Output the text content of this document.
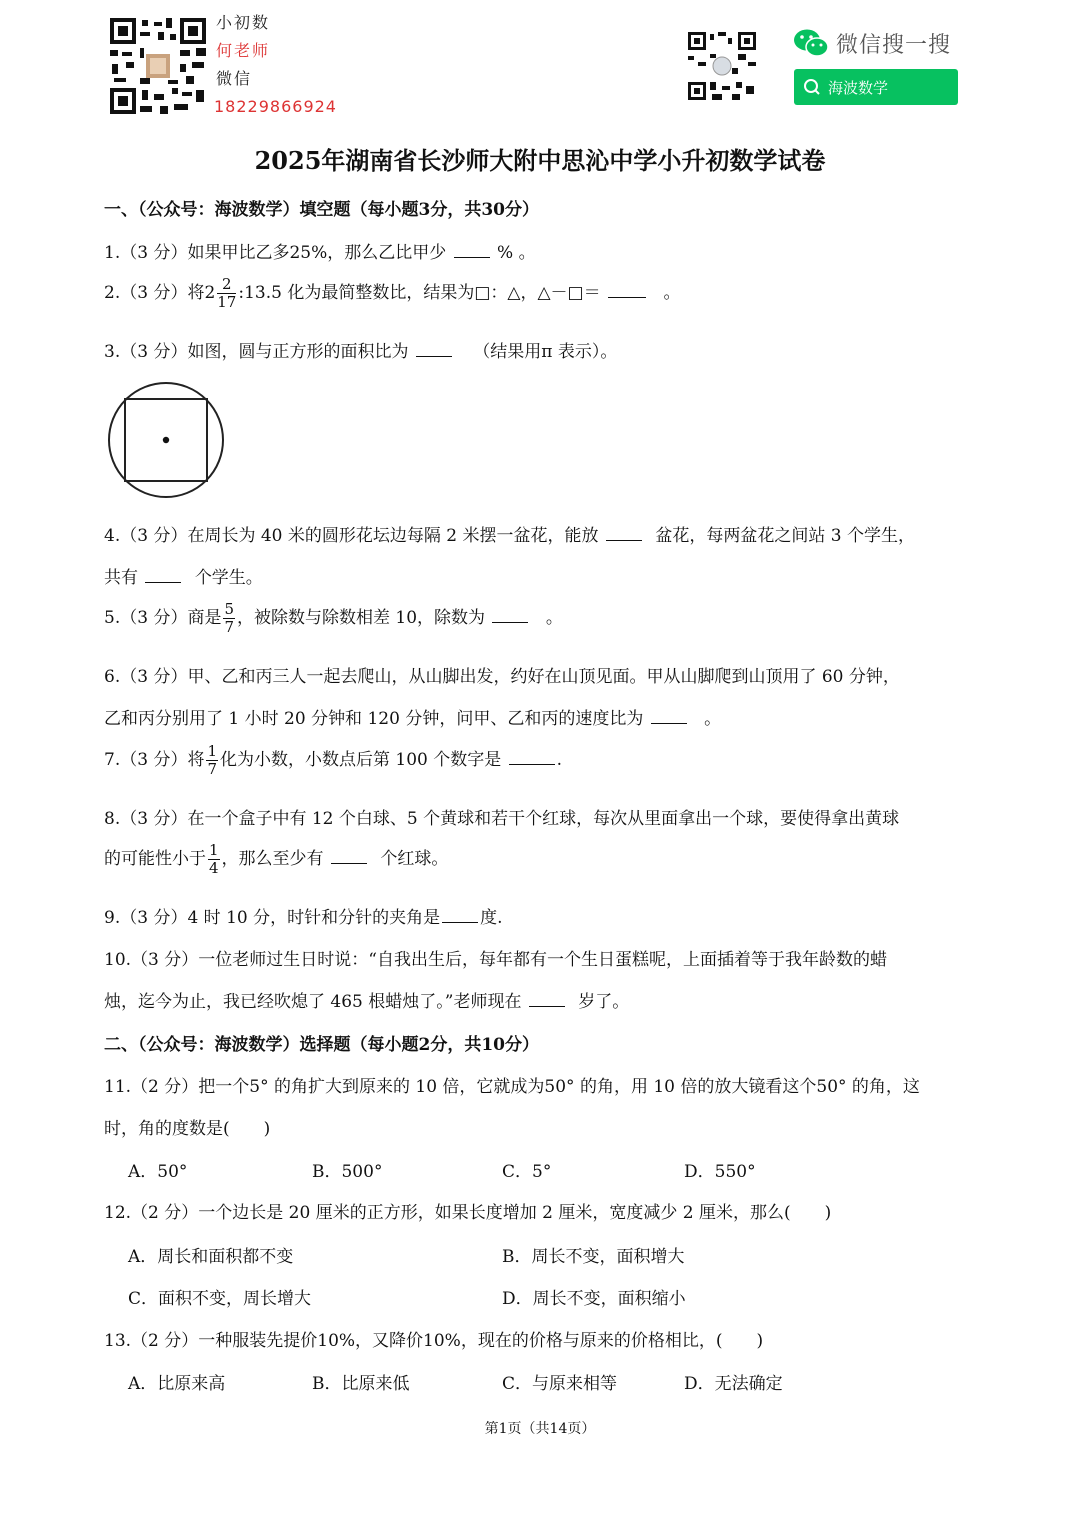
小初数
何老师
微信
18229866924
微信搜一搜
海波数学
2025年湖南省长沙师大附中思沁中学小升初数学试卷
一、（公众号：海波数学）填空题（每小题3分，共30分）
1.（3 分）如果甲比乙多25%，那么乙比甲少	% 。
2.（3 分）将$2 \frac{2}{17}$ :13.5 化为最简整数比，结果为□：△，△－□＝	。
3.（3 分）如图，圆与正方形的面积比为	（结果用π 表示）。
4.（3 分）在周长为 40 米的圆形花坛边每隔 2 米摆一盆花，能放	盆花，每两盆花之间站 3 个学生，
共有	个学生。
5.（3 分）商是 $\frac{5}{7}$ ，被除数与除数相差 10，除数为	。
6.（3 分）甲、乙和丙三人一起去爬山，从山脚出发，约好在山顶见面。甲从山脚爬到山顶用了 60 分钟，
乙和丙分别用了 1 小时 20 分钟和 120 分钟，问甲、乙和丙的速度比为	。
7.（3 分）将 $\frac{1}{7}$ 化为小数，小数点后第 100 个数字是	.
8.（3 分）在一个盒子中有 12 个白球、5 个黄球和若干个红球，每次从里面拿出一个球，要使得拿出黄球
的可能性小于 $\frac{1}{4}$ ，那么至少有	个红球。
9.（3 分）4 时 10 分，时针和分针的夹角是 度.
10.（3 分）一位老师过生日时说：“自我出生后，每年都有一个生日蛋糕呢，上面插着等于我年龄数的蜡
烛，迄今为止，我已经吹熄了 465 根蜡烛了。”老师现在	岁了。
二、（公众号：海波数学）选择题（每小题2分，共10分）
11.（2 分）把一个5° 的角扩大到原来的 10 倍，它就成为50° 的角，用 10 倍的放大镜看这个50° 的角，这
时，角的度数是(　　)
A．50°	B．500°	C．5°	D．550°
12.（2 分）一个边长是 20 厘米的正方形，如果长度增加 2 厘米，宽度减少 2 厘米，那么(　　)
A．周长和面积都不变	B．周长不变，面积增大
C．面积不变，周长增大	D．周长不变，面积缩小
13.（2 分）一种服装先提价10%，又降价10%，现在的价格与原来的价格相比，(　　)
A．比原来高	B．比原来低	C．与原来相等	D．无法确定
第1页（共14页）
